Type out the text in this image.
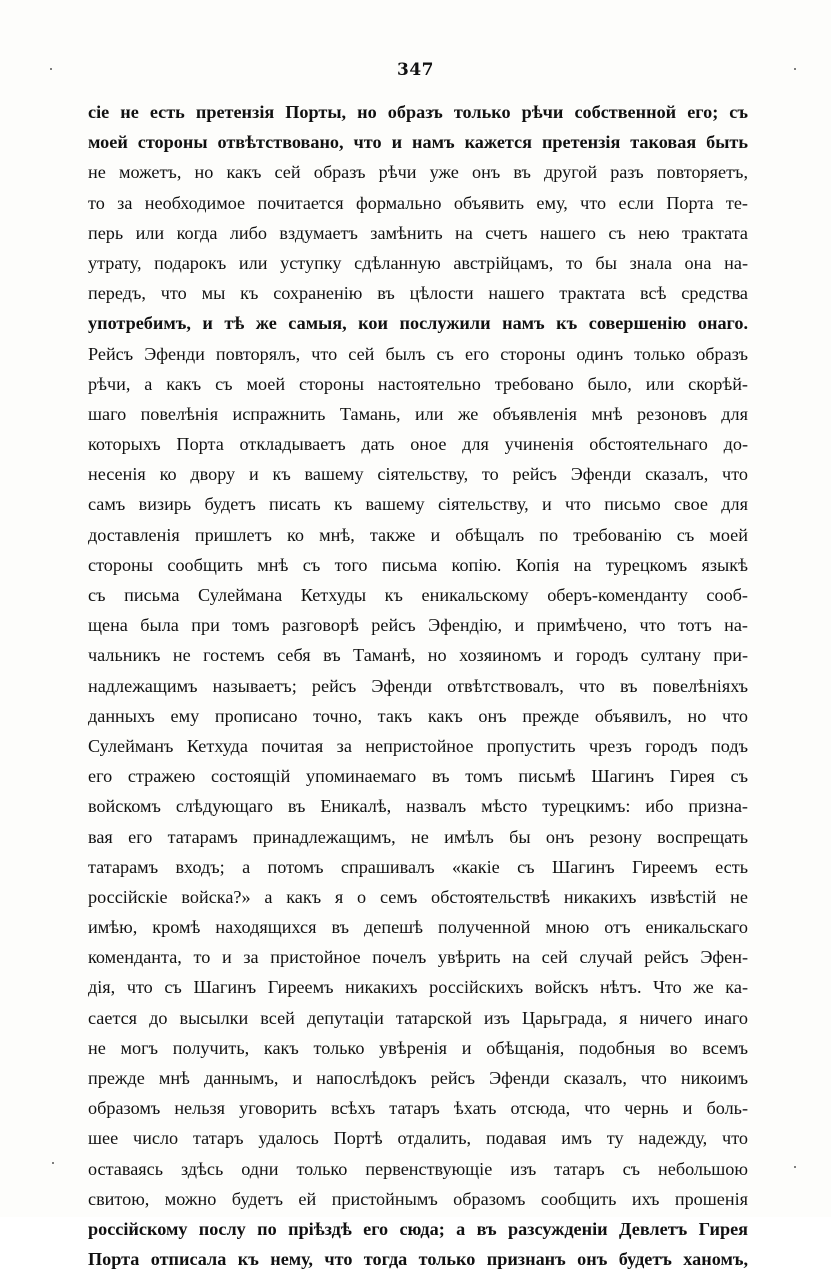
347
сіе не есть претензія Порты, но образъ только рѣчи собственной его; съ
моей стороны отвѣтствовано, что и намъ кажется претензія таковая быть
не можетъ, но какъ сей образъ рѣчи уже онъ въ другой разъ повторяетъ,
то за необходимое почитается формально объявить ему, что если Порта те-
перь или когда либо вздумаетъ замѣнить на счетъ нашего съ нею трактата
утрату, подарокъ или уступку сдѣланную австрійцамъ, то бы знала она на-
передъ, что мы къ сохраненію въ цѣлости нашего трактата всѣ средства
употребимъ, и тѣ же самыя, кои послужили намъ къ совершенію онаго.
Рейсъ Эфенди повторялъ, что сей былъ съ его стороны одинъ только образъ
рѣчи, а какъ съ моей стороны настоятельно требовано было, или скорѣй-
шаго повелѣнія испражнить Тамань, или же объявленія мнѣ резоновъ для
которыхъ Порта откладываетъ дать оное для учиненія обстоятельнаго до-
несенія ко двору и къ вашему сіятельству, то рейсъ Эфенди сказалъ, что
самъ визирь будетъ писать къ вашему сіятельству, и что письмо свое для
доставленія пришлетъ ко мнѣ, также и обѣщалъ по требованію съ моей
стороны сообщить мнѣ съ того письма копію. Копія на турецкомъ языкѣ
съ письма Сулеймана Кетхуды къ еникальскому оберъ-коменданту сооб-
щена была при томъ разговорѣ рейсъ Эфендію, и примѣчено, что тотъ на-
чальникъ не гостемъ себя въ Таманѣ, но хозяиномъ и городъ султану при-
надлежащимъ называетъ; рейсъ Эфенди отвѣтствовалъ, что въ повелѣніяхъ
данныхъ ему прописано точно, такъ какъ онъ прежде объявилъ, но что
Сулейманъ Кетхуда почитая за непристойное пропустить чрезъ городъ подъ
его стражею состоящій упоминаемаго въ томъ письмѣ Шагинъ Гирея съ
войскомъ слѣдующаго въ Еникалѣ, назвалъ мѣсто турецкимъ: ибо призна-
вая его татарамъ принадлежащимъ, не имѣлъ бы онъ резону воспрещать
татарамъ входъ; а потомъ спрашивалъ «какіе съ Шагинъ Гиреемъ есть
россійскіе войска?» а какъ я о семъ обстоятельствѣ никакихъ извѣстій не
имѣю, кромѣ находящихся въ депешѣ полученной мною отъ еникальскаго
коменданта, то и за пристойное почелъ увѣрить на сей случай рейсъ Эфен-
дія, что съ Шагинъ Гиреемъ никакихъ россійскихъ войскъ нѣтъ. Что же ка-
сается до высылки всей депутаціи татарской изъ Царьграда, я ничего инаго
не могъ получить, какъ только увѣренія и обѣщанія, подобныя во всемъ
прежде мнѣ даннымъ, и напослѣдокъ рейсъ Эфенди сказалъ, что никоимъ
образомъ нельзя уговорить всѣхъ татаръ ѣхать отсюда, что чернь и боль-
шее число татаръ удалось Портѣ отдалить, подавая имъ ту надежду, что
оставаясь здѣсь одни только первенствующіе изъ татаръ съ небольшою
свитою, можно будетъ ей пристойнымъ образомъ сообщить ихъ прошенія
россійскому послу по пріѣздѣ его сюда; а въ разсужденіи Девлетъ Гирея
Порта отписала къ нему, что тогда только признанъ онъ будетъ ханомъ,
